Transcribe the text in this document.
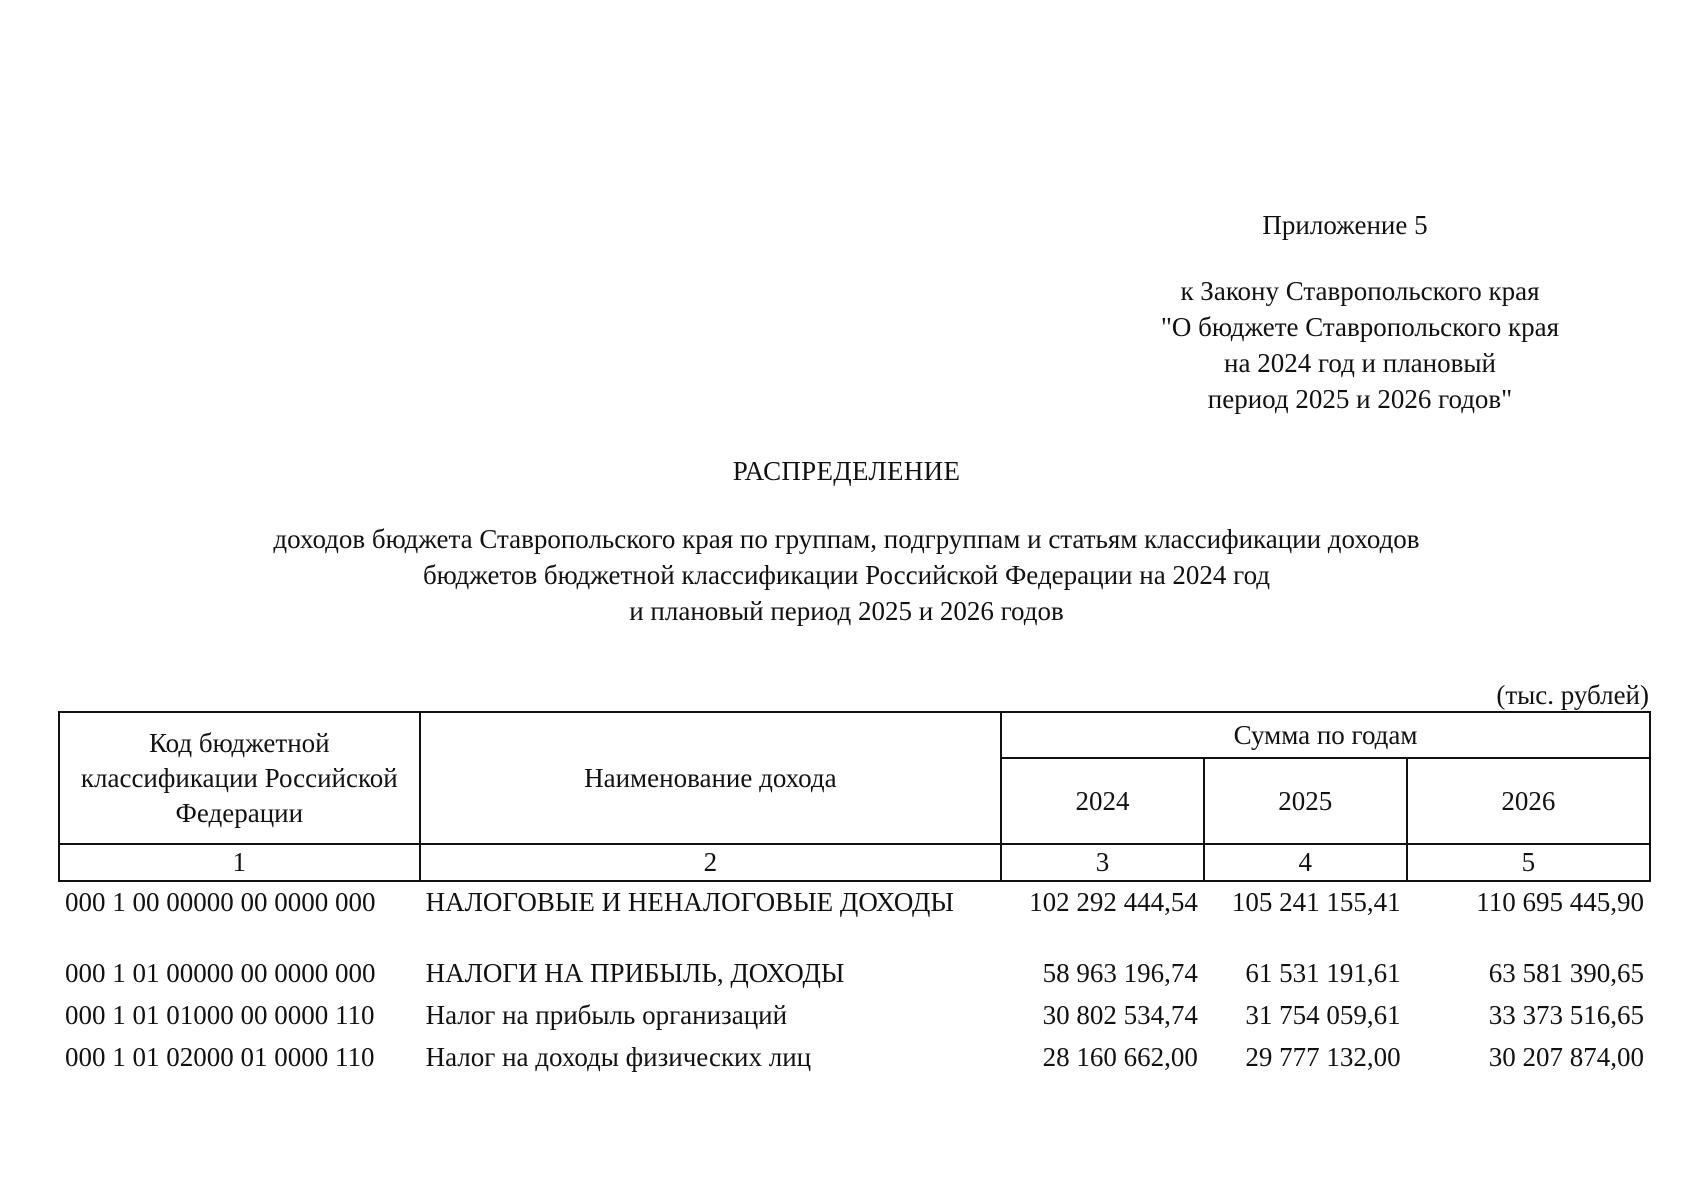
Приложение 5
к Закону Ставропольского края
"О бюджете Ставропольского края
на 2024 год и плановый
период 2025 и 2026 годов"
РАСПРЕДЕЛЕНИЕ
доходов бюджета Ставропольского края по группам, подгруппам и статьям классификации доходов
бюджетов бюджетной классификации Российской Федерации на 2024 год
и плановый период 2025 и 2026 годов
(тыс. рублей)
Код бюджетной классификации Российской Федерации	Наименование дохода	Сумма по годам		
		2024	2025	2026
1	2	3	4	5
000 1 00 00000 00 0000 000	НАЛОГОВЫЕ И НЕНАЛОГОВЫЕ ДОХОДЫ	102 292 444,54	105 241 155,41	110 695 445,90

000 1 01 00000 00 0000 000	НАЛОГИ НА ПРИБЫЛЬ, ДОХОДЫ	58 963 196,74	61 531 191,61	63 581 390,65
000 1 01 01000 00 0000 110	Налог на прибыль организаций	30 802 534,74	31 754 059,61	33 373 516,65
000 1 01 02000 01 0000 110	Налог на доходы физических лиц	28 160 662,00	29 777 132,00	30 207 874,00
